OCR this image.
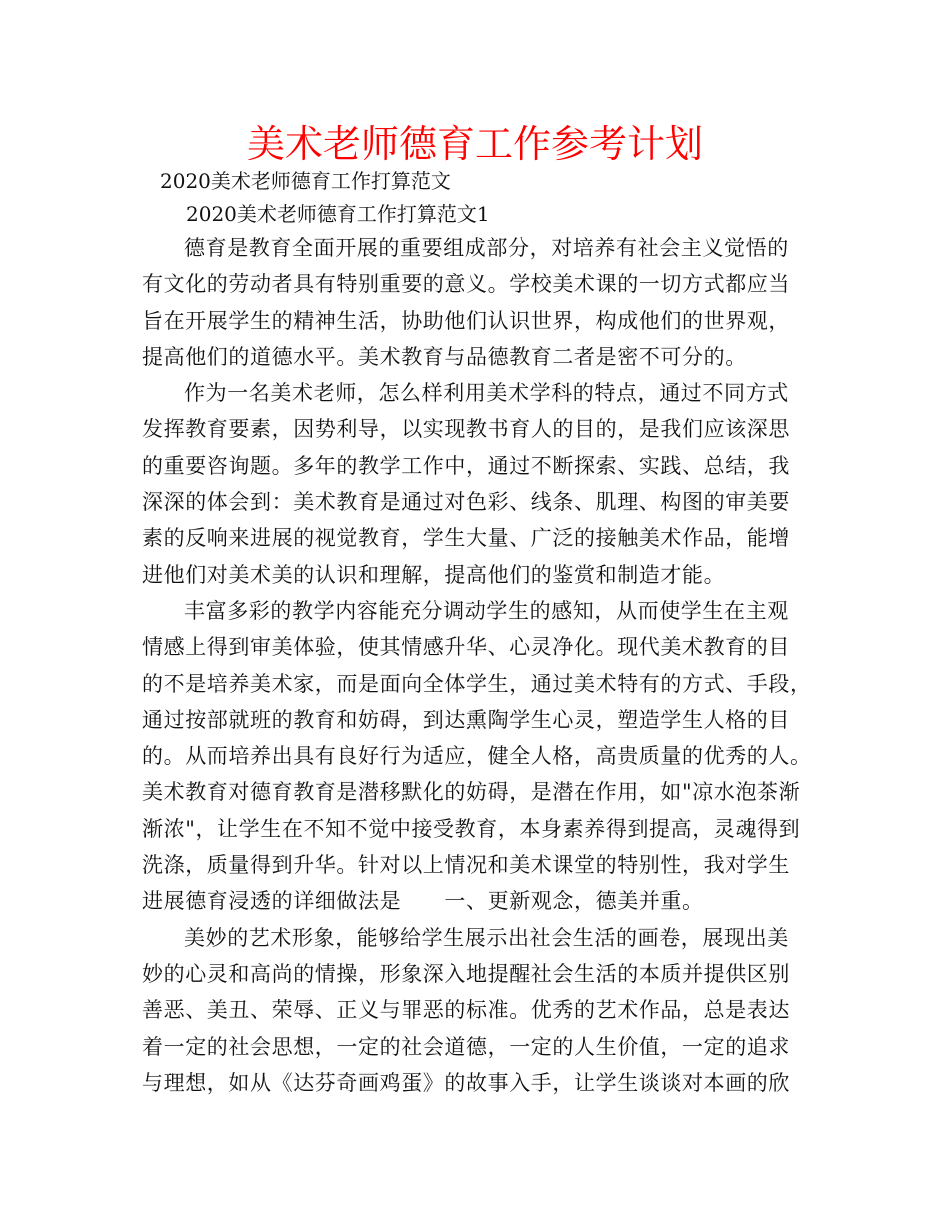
美术老师德育工作参考计划
2020美术老师德育工作打算范文
2020美术老师德育工作打算范文1
德育是教育全面开展的重要组成部分，对培养有社会主义觉悟的
有文化的劳动者具有特别重要的意义。学校美术课的一切方式都应当
旨在开展学生的精神生活，协助他们认识世界，构成他们的世界观，
提高他们的道德水平。美术教育与品德教育二者是密不可分的。
作为一名美术老师，怎么样利用美术学科的特点，通过不同方式
发挥教育要素，因势利导，以实现教书育人的目的，是我们应该深思
的重要咨询题。多年的教学工作中，通过不断探索、实践、总结，我
深深的体会到：美术教育是通过对色彩、线条、肌理、构图的审美要
素的反响来进展的视觉教育，学生大量、广泛的接触美术作品，能增
进他们对美术美的认识和理解，提高他们的鉴赏和制造才能。
丰富多彩的教学内容能充分调动学生的感知，从而使学生在主观
情感上得到审美体验，使其情感升华、心灵净化。现代美术教育的目
的不是培养美术家，而是面向全体学生，通过美术特有的方式、手段，
通过按部就班的教育和妨碍，到达熏陶学生心灵，塑造学生人格的目
的。从而培养出具有良好行为适应，健全人格，高贵质量的优秀的人。
美术教育对德育教育是潜移默化的妨碍，是潜在作用，如"凉水泡茶渐
渐浓"，让学生在不知不觉中接受教育，本身素养得到提高，灵魂得到
洗涤，质量得到升华。针对以上情况和美术课堂的特别性，我对学生
进展德育浸透的详细做法是　　一、更新观念，德美并重。
美妙的艺术形象，能够给学生展示出社会生活的画卷，展现出美
妙的心灵和高尚的情操，形象深入地提醒社会生活的本质并提供区别
善恶、美丑、荣辱、正义与罪恶的标准。优秀的艺术作品，总是表达
着一定的社会思想，一定的社会道德，一定的人生价值，一定的追求
与理想，如从《达芬奇画鸡蛋》的故事入手，让学生谈谈对本画的欣
